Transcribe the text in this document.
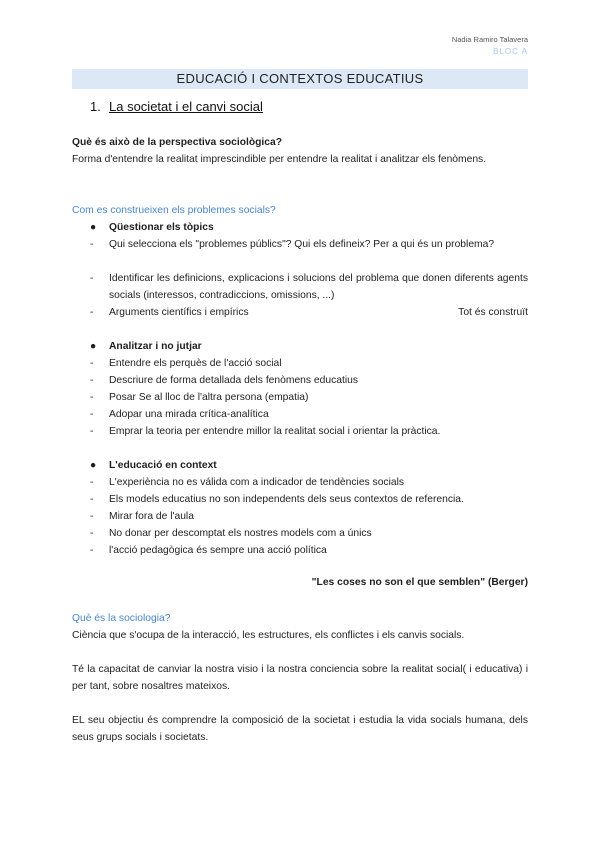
Nadia Ramiro Talavera
BLOC A
EDUCACIÓ I CONTEXTOS EDUCATIUS
1. La societat i el canvi social
Què és això de la perspectiva sociològica?
Forma d'entendre la realitat imprescindible per entendre la realitat i analitzar els fenòmens.
Com es construeixen els problemes socials?
●	Qüestionar els tòpics
-	Qui selecciona els "problemes públics"? Qui els defineix? Per a qui és un problema?
-	Identificar les definicions, explicacions i solucions del problema que donen diferents agents socials (interessos, contradiccions, omissions, ...)
-	Arguments científics i empírics	Tot és construït
●	Analitzar i no jutjar
-	Entendre els perquès de l'acció social
-	Descriure de forma detallada dels fenòmens educatius
-	Posar Se al lloc de l'altra persona (empatia)
-	Adopar una mirada crítica-analítica
-	Emprar la teoria per entendre millor la realitat social i orientar la pràctica.
●	L'educació en context
-	L'experiència no es válida com a indicador de tendències socials
-	Els models educatius no son independents dels seus contextos de referencia.
-	Mirar fora de l'aula
-	No donar per descomptat els nostres models com a únics
-	l'acció pedagògica és sempre una acció política
"Les coses no son el que semblen" (Berger)
Què és la sociologia?
Ciència que s'ocupa de la interacció, les estructures, els conflictes i els canvis socials.
Té la capacitat de canviar la nostra visio i la nostra conciencia sobre la realitat social( i educativa) i per tant, sobre nosaltres mateixos.
EL seu objectiu és comprendre la composició de la societat i estudia la vida socials humana, dels seus grups socials i societats.
